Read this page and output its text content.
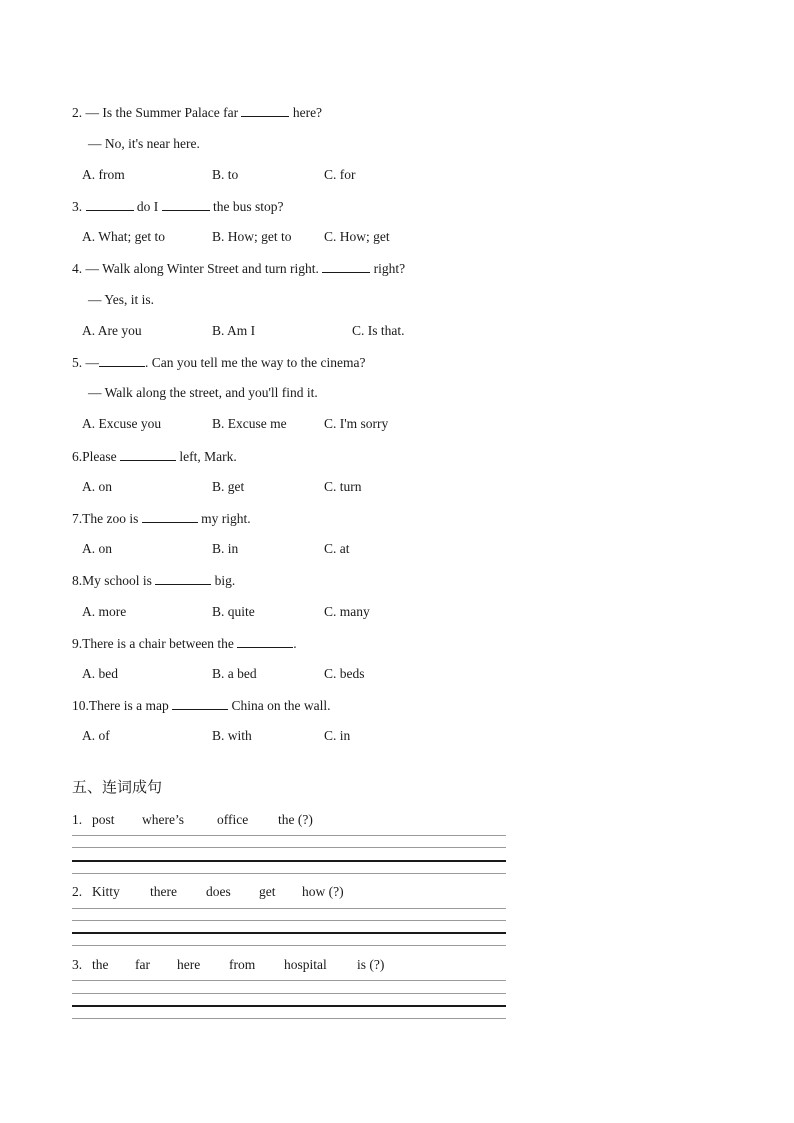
2. — Is the Summer Palace far	here?
— No, it's near here.

A. from

	B. to

	C. for

3.	do I	the bus stop?

A. What; get to

	B. How; get to

C. How; get

4. — Walk along Winter Street and turn right.	right?
— Yes, it is.

A. Are you

	B. Am I

	C. Is that.

5. —	. Can you tell me the way to the cinema?
— Walk along the street, and you'll find it.

A. Excuse you

	B. Excuse me

	C. I'm sorry

6.Please	left, Mark.

A. on

	B. get

	C. turn

7.The zoo is	my right.

A. on

	B. in

	C. at

8.My school is	big.

A. more

	B. quite

	C. many

9.There is a chair between the	.

A. bed

	B. a bed

	C. beds

10.There is a map	China on the wall.

A. of

	B. with

	C. in

五、连词成句

1.

post

where’s

office

the (?)

2.

Kitty

there

does

get

how (?)

3.

the

far

here

from

hospital

is (?)
